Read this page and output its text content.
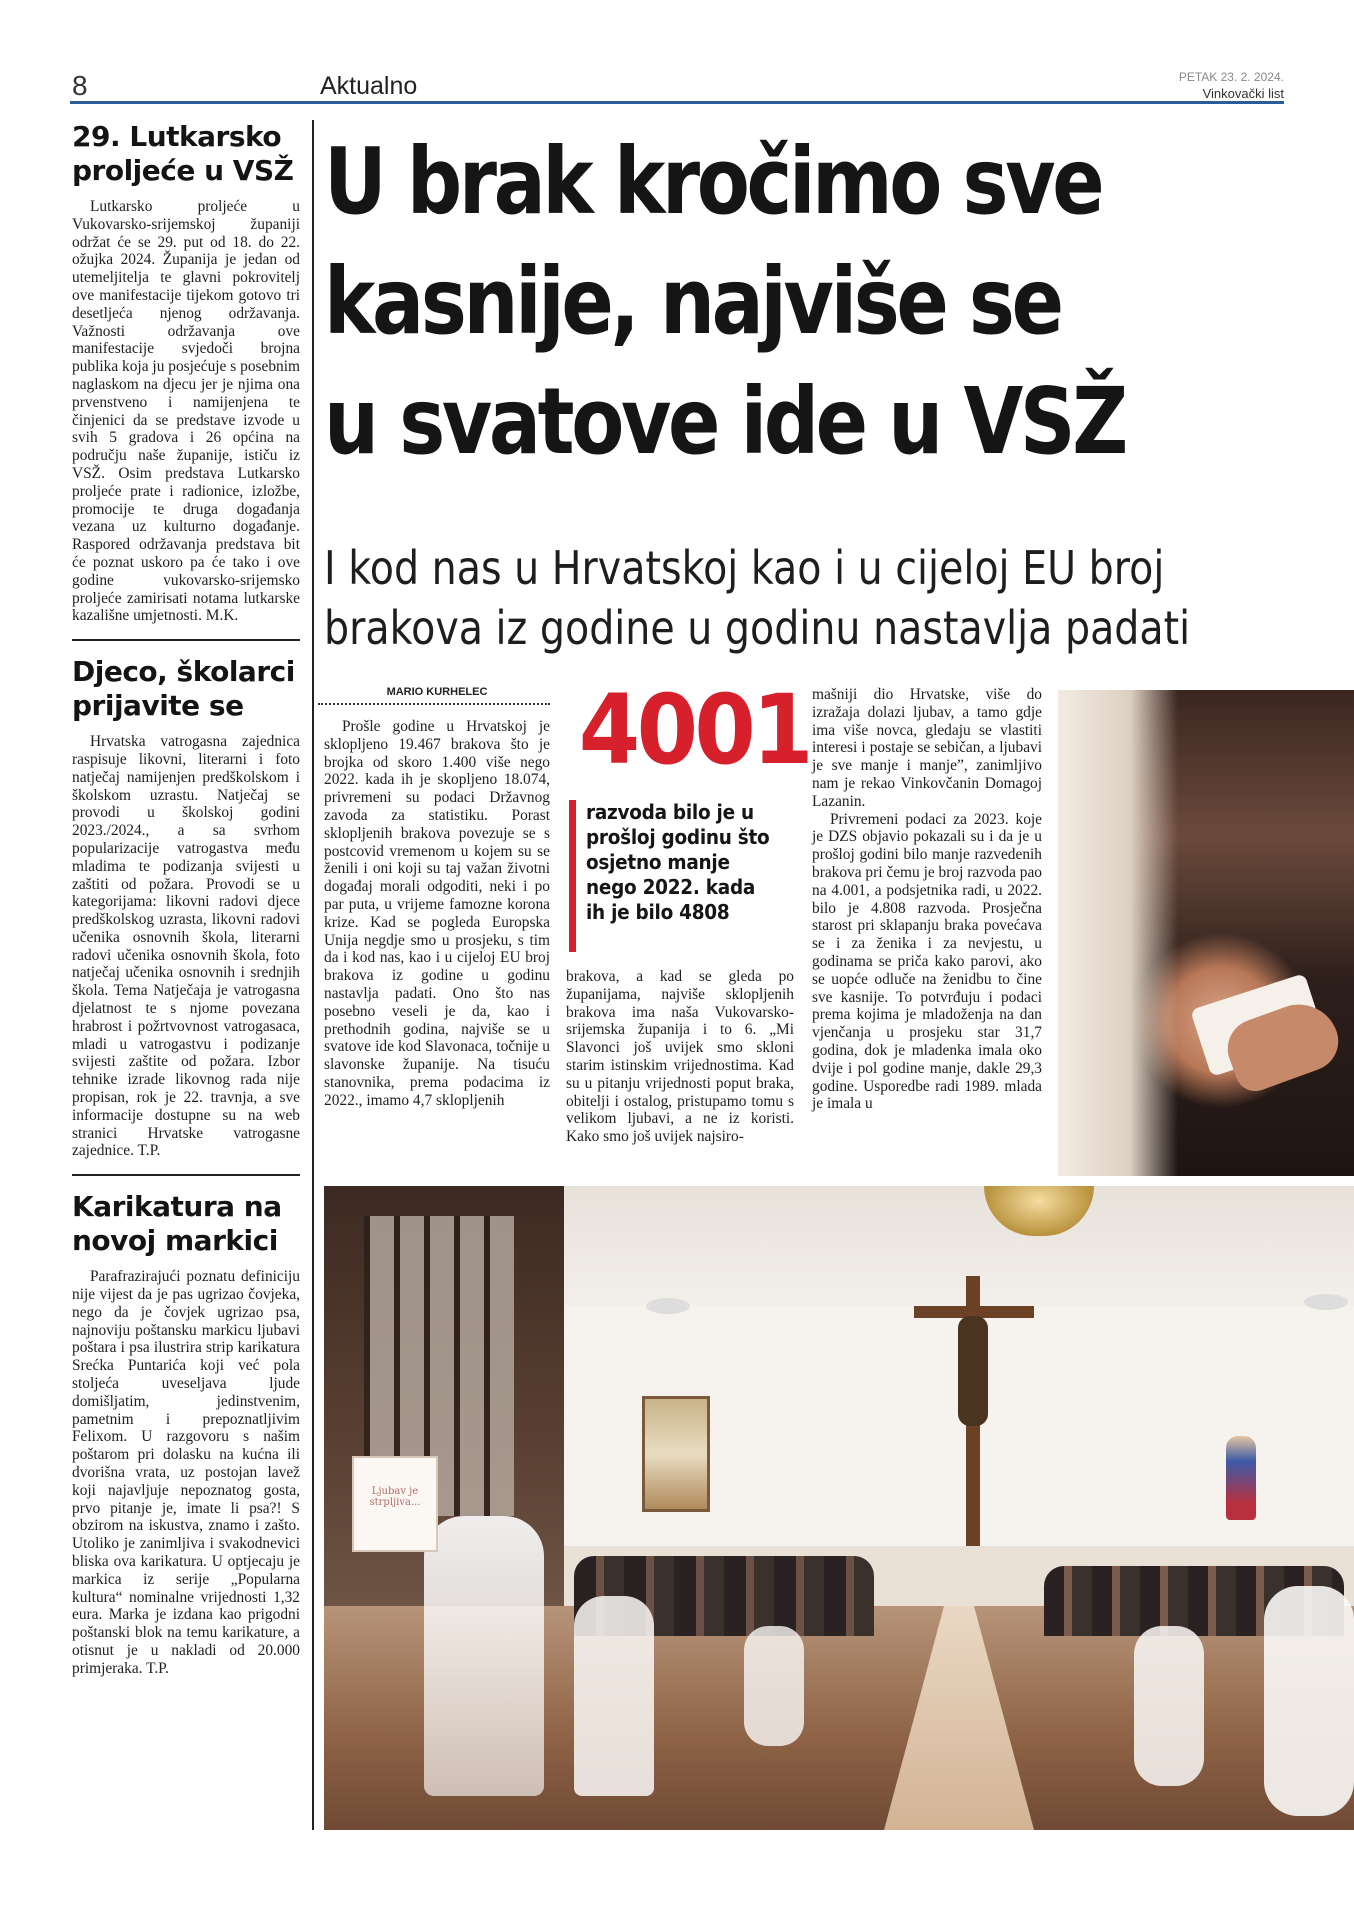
8	Aktualno	PETAK 23. 2. 2024.
Vinkovački list
29. Lutkarsko proljeće u VSŽ

Lutkarsko proljeće u Vukovarsko-srijemskoj županiji održat će se 29. put od 18. do 22. ožujka 2024. Županija je jedan od utemeljitelja te glavni pokrovitelj ove manifestacije tijekom gotovo tri desetljeća njenog održavanja. Važnosti održavanja ove manifestacije svjedoči brojna publika koja ju posjećuje s posebnim naglaskom na djecu jer je njima ona prvenstveno i namijenjena te činjenici da se predstave izvode u svih 5 gradova i 26 općina na području naše županije, ističu iz VSŽ. Osim predstava Lutkarsko proljeće prate i radionice, izložbe, promocije te druga događanja vezana uz kulturno događanje. Raspored održavanja predstava bit će poznat uskoro pa će tako i ove godine vukovarsko-srijemsko proljeće zamirisati notama lutkarske kazališne umjetnosti. M.K.

Djeco, školarci prijavite se

Hrvatska vatrogasna zajednica raspisuje likovni, literarni i foto natječaj namijenjen predškolskom i školskom uzrastu. Natječaj se provodi u školskoj godini 2023./2024., a sa svrhom popularizacije vatrogastva među mladima te podizanja svijesti u zaštiti od požara. Provodi se u kategorijama: likovni radovi djece predškolskog uzrasta, likovni radovi učenika osnovnih škola, literarni radovi učenika osnovnih škola, foto natječaj učenika osnovnih i srednjih škola. Tema Natječaja je vatrogasna djelatnost te s njome povezana hrabrost i požrtvovnost vatrogasaca, mladi u vatrogastvu i podizanje svijesti zaštite od požara. Izbor tehnike izrade likovnog rada nije propisan, rok je 22. travnja, a sve informacije dostupne su na web stranici Hrvatske vatrogasne zajednice. T.P.

Karikatura na novoj markici

Parafrazirajući poznatu definiciju nije vijest da je pas ugrizao čovjeka, nego da je čovjek ugrizao psa, najnoviju poštansku markicu ljubavi poštara i psa ilustrira strip karikatura Srećka Puntarića koji već pola stoljeća uveseljava ljude domišljatim, jedinstvenim, pametnim i prepoznatljivim Felixom. U razgovoru s našim poštarom pri dolasku na kućna ili dvorišna vrata, uz postojan lavež koji najavljuje nepoznatog gosta, prvo pitanje je, imate li psa?! S obzirom na iskustva, znamo i zašto. Utoliko je zanimljiva i svakodnevici bliska ova karikatura. U optjecaju je markica iz serije „Popularna kultura“ nominalne vrijednosti 1,32 eura. Marka je izdana kao prigodni poštanski blok na temu karikature, a otisnut je u nakladi od 20.000 primjeraka. T.P.

U brak kročimo sve
kasnije, najviše se
u svatove ide u VSŽ
I kod nas u Hrvatskoj kao i u cijeloj EU broj
brakova iz godine u godinu nastavlja padati
MARIO KURHELEC

Prošle godine u Hrvatskoj je sklopljeno 19.467 brakova što je brojka od skoro 1.400 više nego 2022. kada ih je skopljeno 18.074, privremeni su podaci Državnog zavoda za statistiku. Porast sklopljenih brakova povezuje se s postcovid vremenom u kojem su se ženili i oni koji su taj važan životni događaj morali odgoditi, neki i po par puta, u vrijeme famozne korona krize. Kad se pogleda Europska Unija negdje smo u prosjeku, s tim da i kod nas, kao i u cijeloj EU broj brakova iz godine u godinu nastavlja padati. Ono što nas posebno veseli je da, kao i prethodnih godina, najviše se u svatove ide kod Slavonaca, točnije u slavonske županije. Na tisuću stanovnika, prema podacima iz 2022., imamo 4,7 sklopljenih

4001
razvoda bilo je u prošloj godinu što osjetno manje nego 2022. kada ih je bilo 4808

brakova, a kad se gleda po županijama, najviše sklopljenih brakova ima naša Vukovarsko-srijemska županija i to 6. „Mi Slavonci još uvijek smo skloni starim istinskim vrijednostima. Kad su u pitanju vrijednosti poput braka, obitelji i ostalog, pristupamo tomu s velikom ljubavi, a ne iz koristi. Kako smo još uvijek najsiro-

mašniji dio Hrvatske, više do izražaja dolazi ljubav, a tamo gdje ima više novca, gledaju se vlastiti interesi i postaje se sebičan, a ljubavi je sve manje i manje”, zanimljivo nam je rekao Vinkovčanin Domagoj Lazanin.

Privremeni podaci za 2023. koje je DZS objavio pokazali su i da je u prošloj godini bilo manje razvedenih brakova pri čemu je broj razvoda pao na 4.001, a podsjetnika radi, u 2022. bilo je 4.808 razvoda. Prosječna starost pri sklapanju braka povećava se i za ženika i za nevjestu, u godinama se priča kako parovi, ako se uopće odluče na ženidbu to čine sve kasnije. To potvrđuju i podaci prema kojima je mladoženja na dan vjenčanja u prosjeku star 31,7 godina, dok je mladenka imala oko dvije i pol godine manje, dakle 29,3 godine. Usporedbe radi 1989. mlada je imala u

Ljubav je strpljiva...
